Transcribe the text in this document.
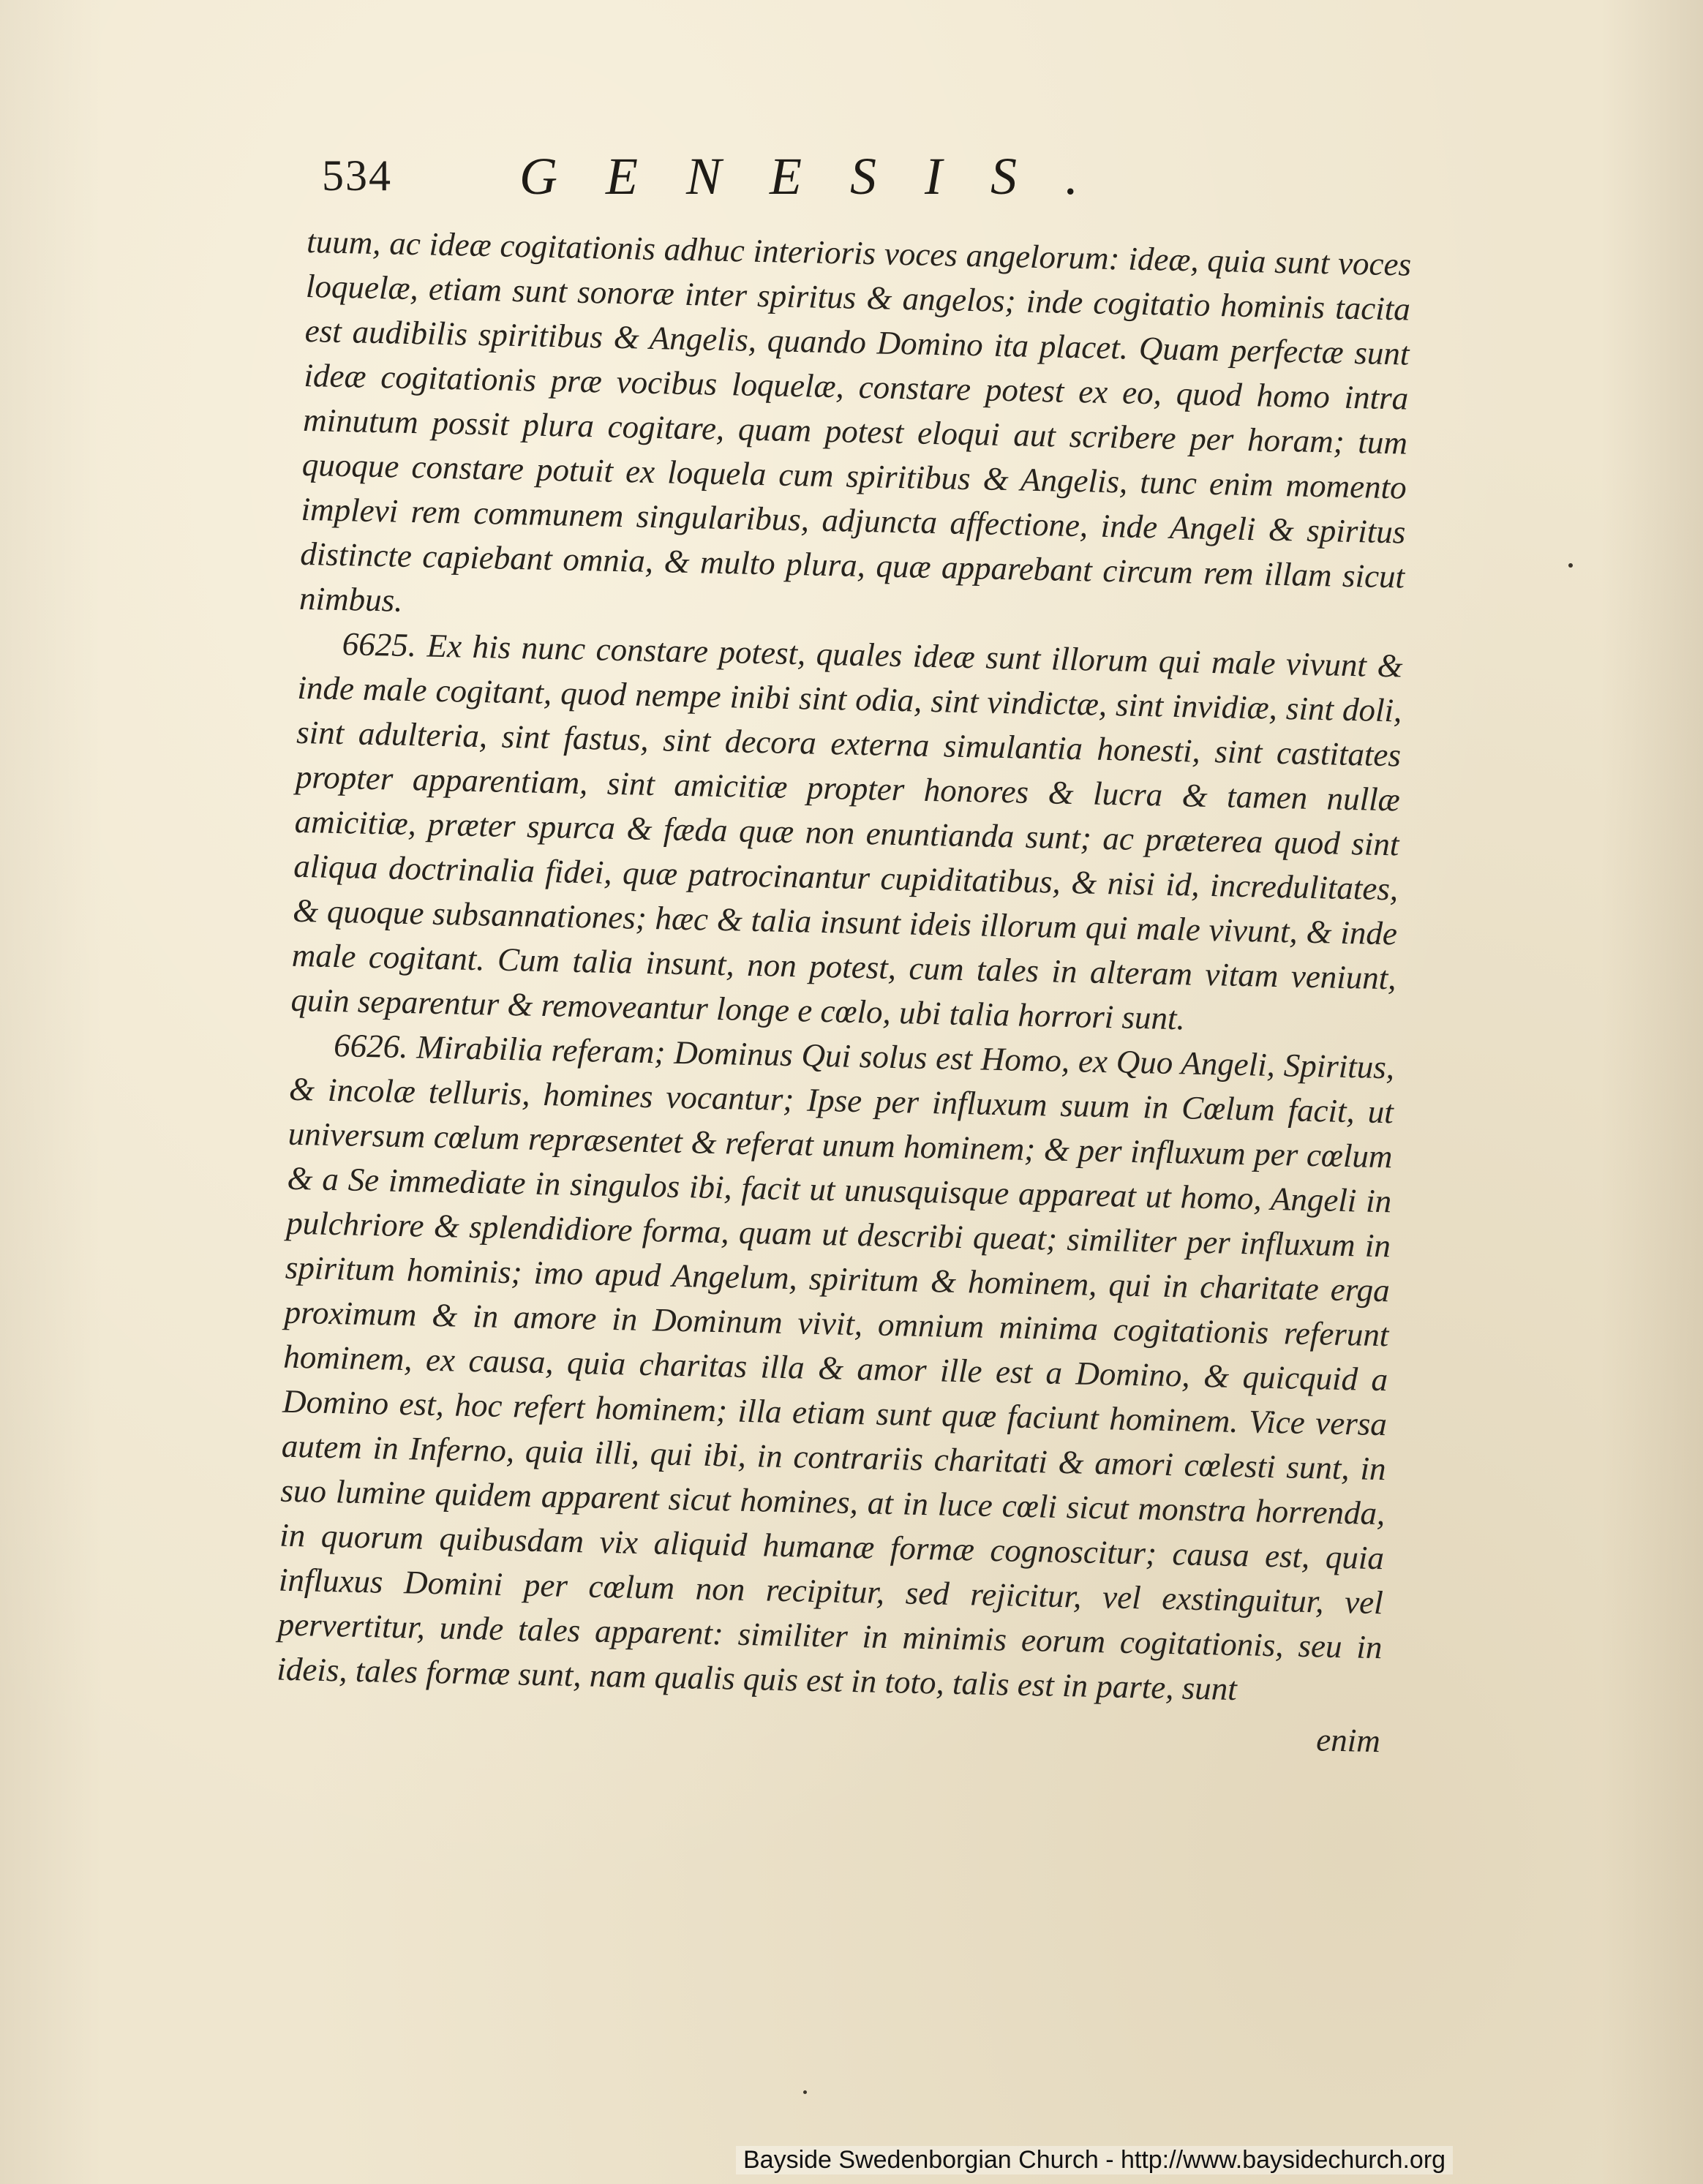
534 GENESIS.

tuum, ac ideæ cogitationis adhuc interioris voces angelorum: ideæ, quia sunt voces loquelæ, etiam sunt sonoræ inter spiritus & angelos; inde cogitatio hominis tacita est audibilis spiritibus & Angelis, quando Domino ita placet. Quam perfectæ sunt ideæ cogitationis præ vocibus loquelæ, constare potest ex eo, quod homo intra minutum possit plura cogitare, quam potest eloqui aut scribere per horam; tum quoque constare potuit ex loquela cum spiritibus & Angelis, tunc enim momento implevi rem communem singularibus, adjuncta affectione, inde Angeli & spiritus distincte capiebant omnia, & multo plura, quæ apparebant circum rem illam sicut nimbus.

6625. Ex his nunc constare potest, quales ideæ sunt illorum qui male vivunt & inde male cogitant, quod nempe inibi sint odia, sint vindictæ, sint invidiæ, sint doli, sint adulteria, sint fastus, sint decora externa simulantia honesti, sint castitates propter apparentiam, sint amicitiæ propter honores & lucra & tamen nullæ amicitiæ, præter spurca & fæda quæ non enuntianda sunt; ac præterea quod sint aliqua doctrinalia fidei, quæ patrocinantur cupiditatibus, & nisi id, incredulitates, & quoque subsannationes; hæc & talia insunt ideis illorum qui male vivunt, & inde male cogitant. Cum talia insunt, non potest, cum tales in alteram vitam veniunt, quin separentur & removeantur longe e cœlo, ubi talia horrori sunt.

6626. Mirabilia referam; Dominus Qui solus est Homo, ex Quo Angeli, Spiritus, & incolæ telluris, homines vocantur; Ipse per influxum suum in Cœlum facit, ut universum cœlum repræsentet & referat unum hominem; & per influxum per cœlum & a Se immediate in singulos ibi, facit ut unusquisque appareat ut homo, Angeli in pulchriore & splendidiore forma, quam ut describi queat; similiter per influxum in spiritum hominis; imo apud Angelum, spiritum & hominem, qui in charitate erga proximum & in amore in Dominum vivit, omnium minima cogitationis referunt hominem, ex causa, quia charitas illa & amor ille est a Domino, & quicquid a Domino est, hoc refert hominem; illa etiam sunt quæ faciunt hominem. Vice versa autem in Inferno, quia illi, qui ibi, in contrariis charitati & amori cœlesti sunt, in suo lumine quidem apparent sicut homines, at in luce cœli sicut monstra horrenda, in quorum quibusdam vix aliquid humanæ formæ cognoscitur; causa est, quia influxus Domini per cœlum non recipitur, sed rejicitur, vel exstinguitur, vel pervertitur, unde tales apparent: similiter in minimis eorum cogitationis, seu in ideis, tales formæ sunt, nam qualis quis est in toto, talis est in parte, sunt

enim

Bayside Swedenborgian Church - http://www.baysidechurch.org
